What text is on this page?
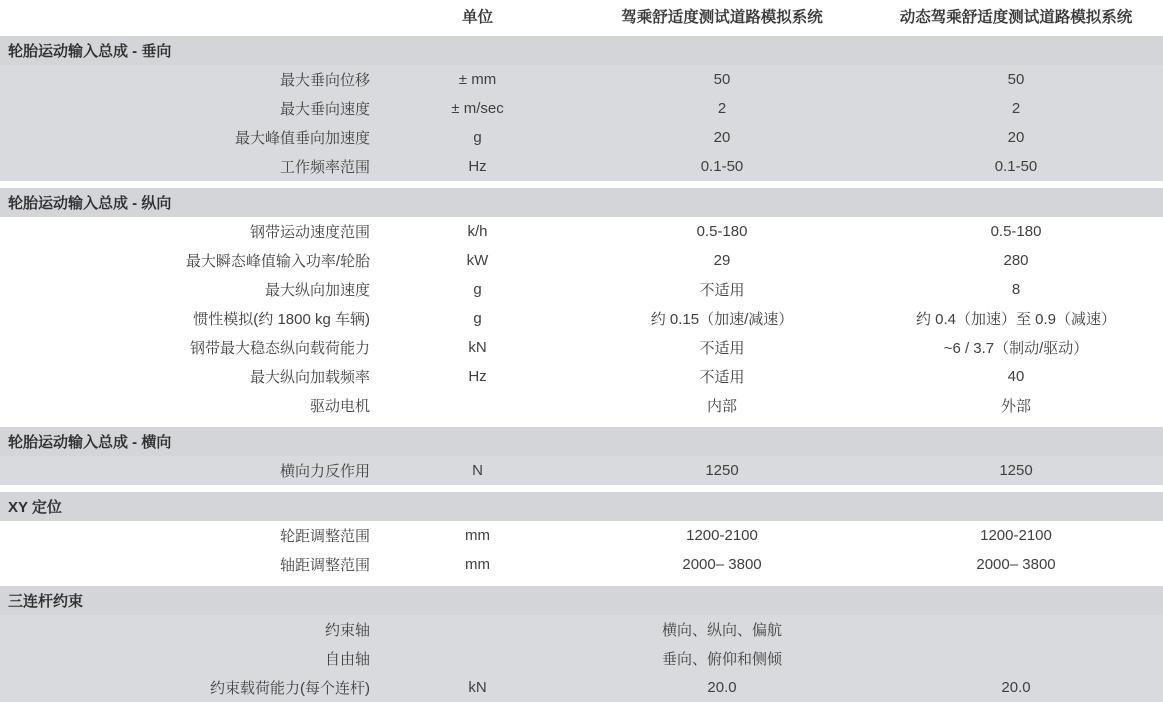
	单位	驾乘舒适度测试道路模拟系统	动态驾乘舒适度测试道路模拟系统
轮胎运动输入总成 - 垂向			
最大垂向位移	± mm	50	50
最大垂向速度	± m/sec	2	2
最大峰值垂向加速度	g	20	20
工作频率范围	Hz	0.1-50	0.1-50

轮胎运动输入总成 - 纵向			
钢带运动速度范围	k/h	0.5-180	0.5-180
最大瞬态峰值输入功率/轮胎	kW	29	280
最大纵向加速度	g	不适用	8
惯性模拟(约 1800 kg 车辆)	g	约 0.15（加速/减速）	约 0.4（加速）至 0.9（减速）
钢带最大稳态纵向载荷能力	kN	不适用	~6 / 3.7（制动/驱动）
最大纵向加载频率	Hz	不适用	40
驱动电机		内部	外部

轮胎运动输入总成 - 横向			
横向力反作用	N	1250	1250

XY 定位			
轮距调整范围	mm	1200-2100	1200-2100
轴距调整范围	mm	2000– 3800	2000– 3800

三连杆约束			
约束轴		横向、纵向、偏航	
自由轴		垂向、俯仰和侧倾	
约束载荷能力(每个连杆)	kN	20.0	20.0
